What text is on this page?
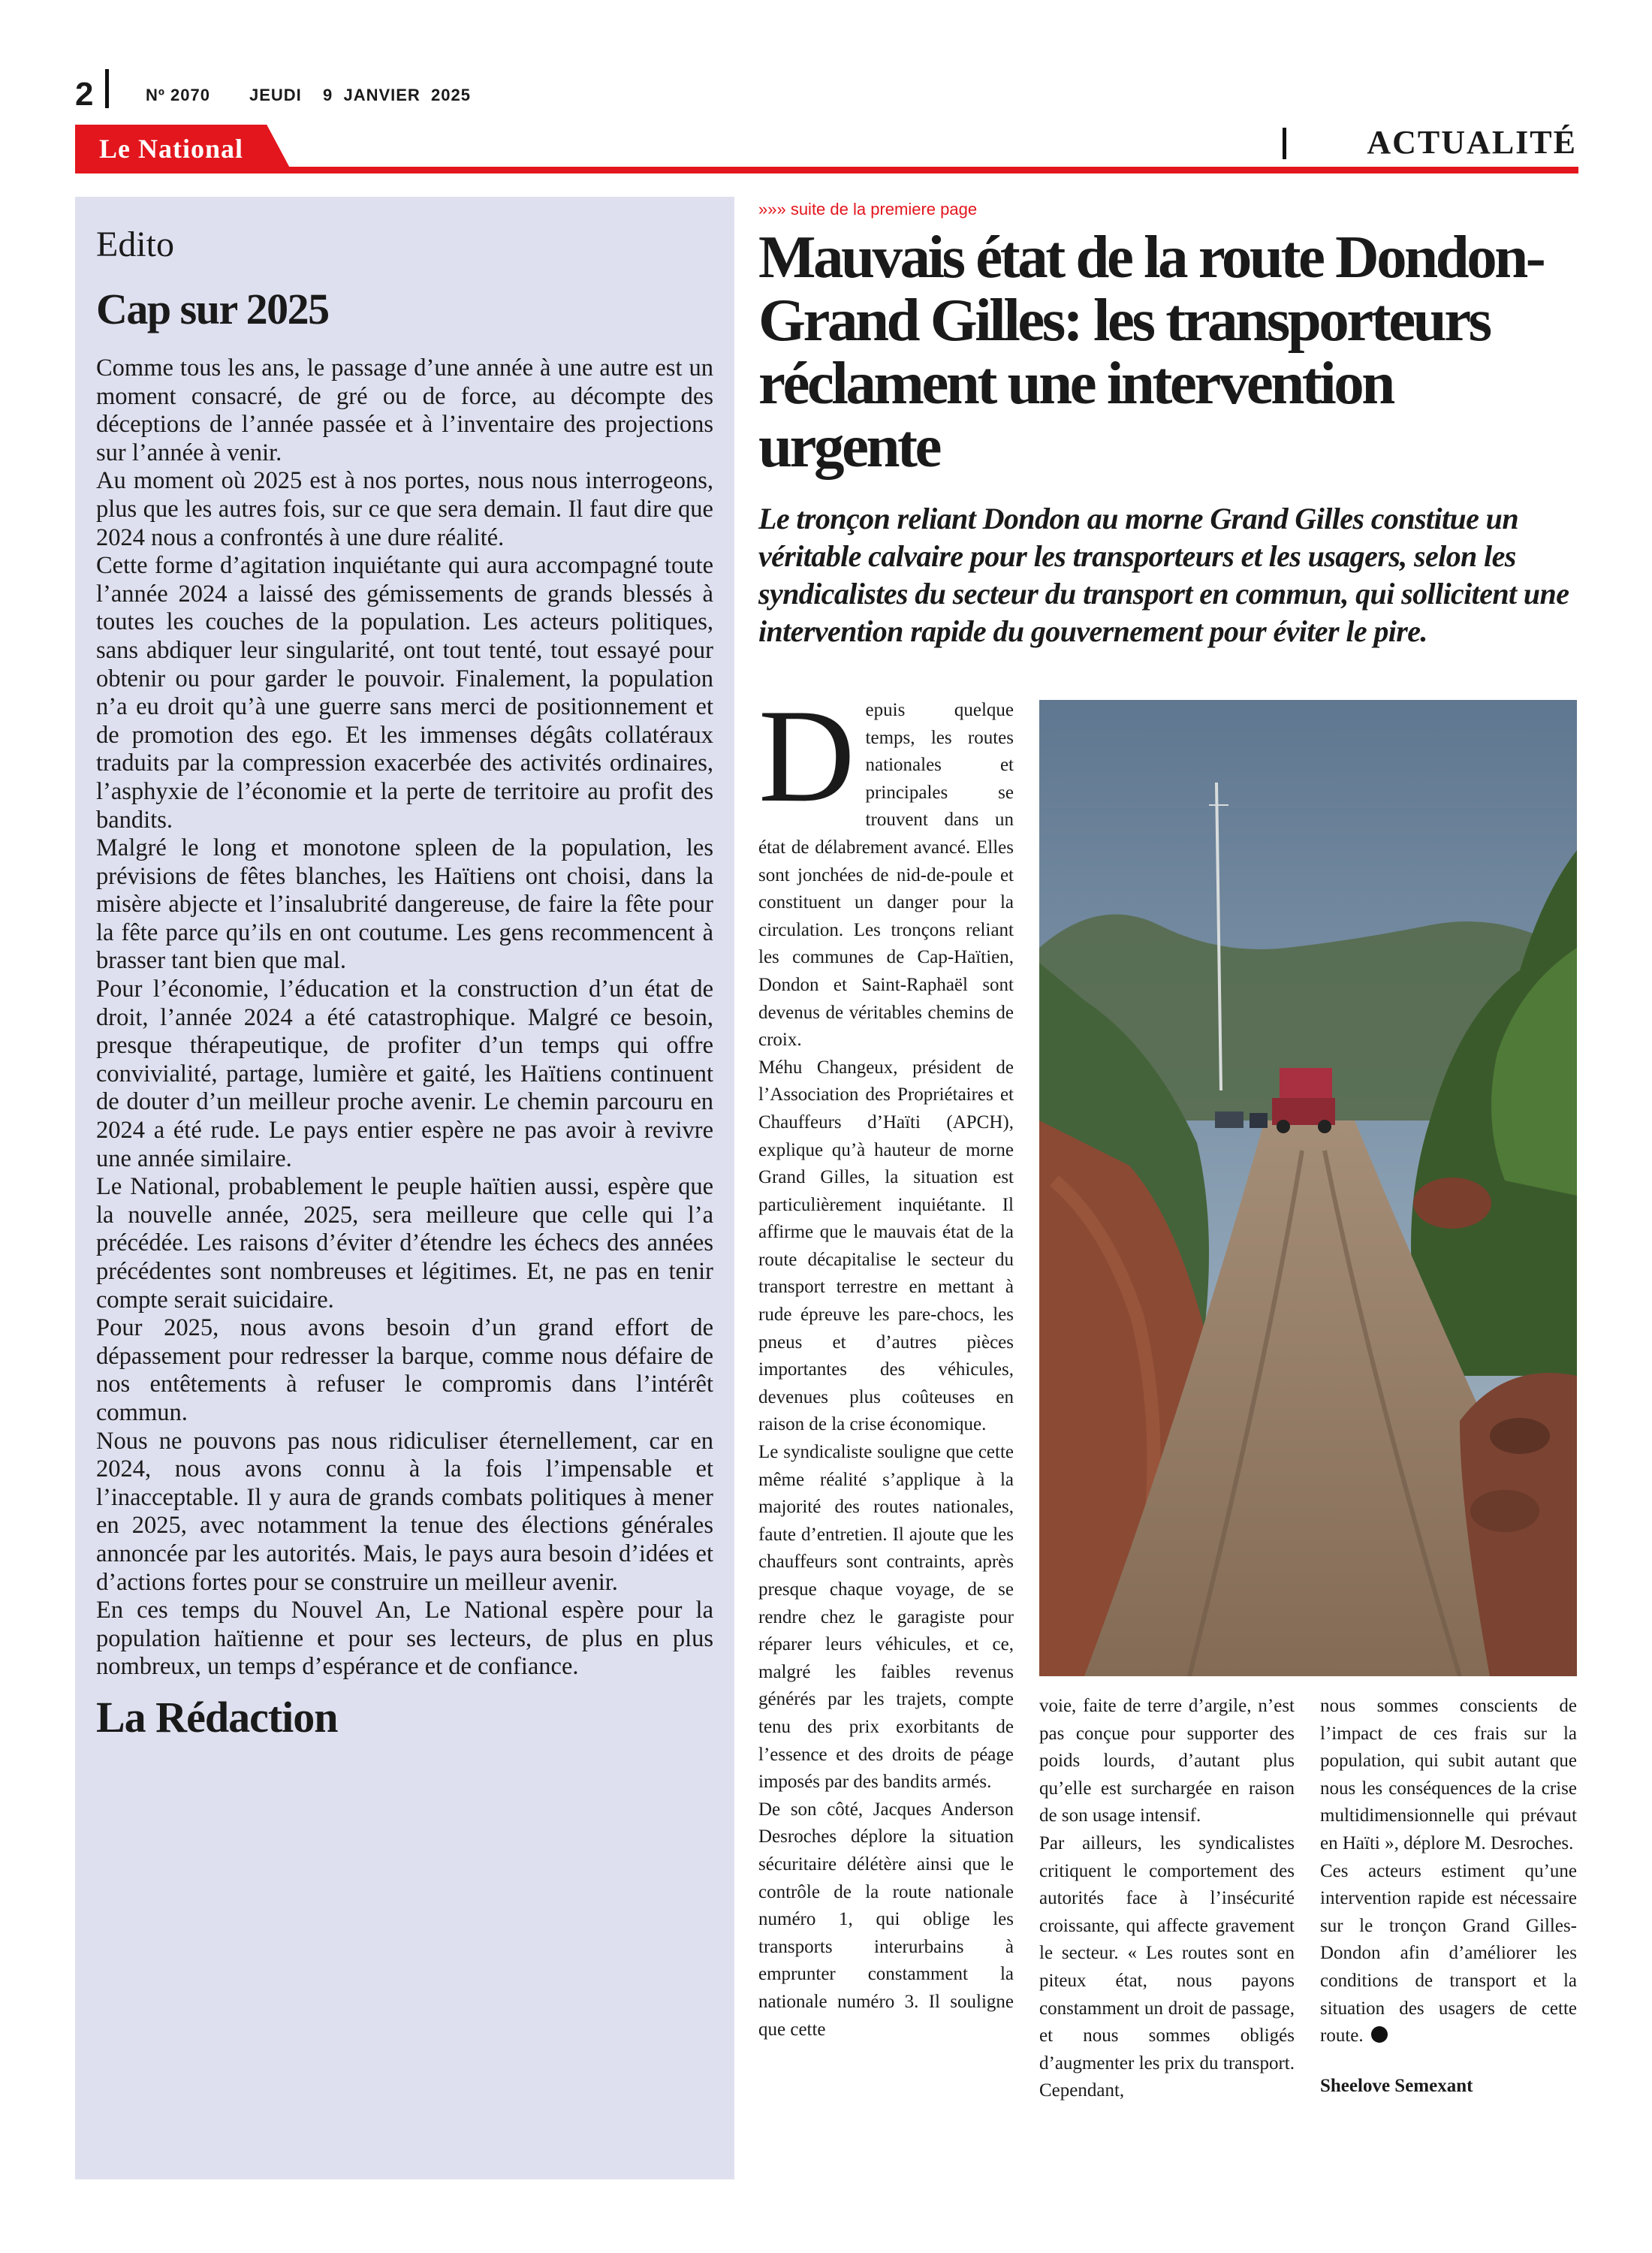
2	Nº 2070 JEUDI 9  JANVIER  2025
Le National	ACTUALITÉ
Edito
Cap sur 2025

Comme tous les ans, le passage d’une année à une autre est un moment consacré, de gré ou de force, au décompte des déceptions de l’année passée et à l’inventaire des projections sur l’année à venir.

Au moment où 2025 est à nos portes, nous nous interrogeons, plus que les autres fois, sur ce que sera demain. Il faut dire que 2024 nous a confrontés à une dure réalité.

Cette forme d’agitation inquiétante qui aura accompagné toute l’année 2024 a laissé des gémissements de grands blessés à toutes les couches de la population. Les acteurs politiques, sans abdiquer leur singularité, ont tout tenté, tout essayé pour obtenir ou pour garder le pouvoir. Finalement, la population n’a eu droit qu’à une guerre sans merci de positionnement et de promotion des ego. Et les immenses dégâts collatéraux traduits par la compression exacerbée des activités ordinaires, l’asphyxie de l’économie et la perte de territoire au profit des bandits.

Malgré le long et monotone spleen de la population, les prévisions de fêtes blanches, les Haïtiens ont choisi, dans la misère abjecte et l’insalubrité dangereuse, de faire la fête pour la fête parce qu’ils en ont coutume. Les gens recommencent à brasser tant bien que mal.

Pour l’économie, l’éducation et la construction d’un état de droit, l’année 2024 a été catastrophique. Malgré ce besoin, presque thérapeutique, de profiter d’un temps qui offre convivialité, partage, lumière et gaité, les Haïtiens continuent de douter d’un meilleur proche avenir. Le chemin parcouru en 2024 a été rude. Le pays entier espère ne pas avoir à revivre une année similaire.

Le National, probablement le peuple haïtien aussi, espère que la nouvelle année, 2025, sera meilleure que celle qui l’a précédée. Les raisons d’éviter d’étendre les échecs des années précédentes sont nombreuses et légitimes. Et, ne pas en tenir compte serait suicidaire.

Pour 2025, nous avons besoin d’un grand effort de dépassement pour redresser la barque, comme nous défaire de nos entêtements à refuser le compromis dans l’intérêt commun.

Nous ne pouvons pas nous ridiculiser éternellement, car en 2024, nous avons connu à la fois l’impensable et l’inacceptable. Il y aura de grands combats politiques à mener en 2025, avec notamment la tenue des élections générales annoncée par les autorités. Mais, le pays aura besoin d’idées et d’actions fortes pour se construire un meilleur avenir.

En ces temps du Nouvel An, Le National espère pour la population haïtienne et pour ses lecteurs, de plus en plus nombreux, un temps d’espérance et de confiance.

La Rédaction
»»» suite de la premiere page
Mauvais état de la route Dondon-Grand Gilles: les transporteurs réclament une intervention urgente

Le tronçon reliant Dondon au morne Grand Gilles constitue un véritable calvaire pour les transporteurs et les usagers, selon les syndicalistes du secteur du transport en commun, qui sollicitent une intervention rapide du gouvernement pour éviter le pire.

Depuis quelque temps, les routes nationales et principales se trouvent dans un état de délabrement avancé. Elles sont jonchées de nid-de-poule et constituent un danger pour la circulation. Les tronçons reliant les communes de Cap-Haïtien, Dondon et Saint-Raphaël sont devenus de véritables chemins de croix.

Méhu Changeux, président de l’Association des Propriétaires et Chauffeurs d’Haïti (APCH), explique qu’à hauteur de morne Grand Gilles, la situation est particulièrement inquiétante. Il affirme que le mauvais état de la route décapitalise le secteur du transport terrestre en mettant à rude épreuve les pare-chocs, les pneus et d’autres pièces importantes des véhicules, devenues plus coûteuses en raison de la crise économique.

Le syndicaliste souligne que cette même réalité s’applique à la majorité des routes nationales, faute d’entretien. Il ajoute que les chauffeurs sont contraints, après presque chaque voyage, de se rendre chez le garagiste pour réparer leurs véhicules, et ce, malgré les faibles revenus générés par les trajets, compte tenu des prix exorbitants de l’essence et des droits de péage imposés par des bandits armés.

De son côté, Jacques Anderson Desroches déplore la situation sécuritaire délétère ainsi que le contrôle de la route nationale numéro 1, qui oblige les transports interurbains à emprunter constamment la nationale numéro 3. Il souligne que cette

voie, faite de terre d’argile, n’est pas conçue pour supporter des poids lourds, d’autant plus qu’elle est surchargée en raison de son usage intensif.

Par ailleurs, les syndicalistes critiquent le comportement des autorités face à l’insécurité croissante, qui affecte gravement le secteur. « Les routes sont en piteux état, nous payons constamment un droit de passage, et nous sommes obligés d’augmenter les prix du transport. Cependant,

nous sommes conscients de l’impact de ces frais sur la population, qui subit autant que nous les conséquences de la crise multidimensionnelle qui prévaut en Haïti », déplore M. Desroches.

Ces acteurs estiment qu’une intervention rapide est nécessaire sur le tronçon Grand Gilles-Dondon afin d’améliorer les conditions de transport et la situation des usagers de cette route.

Sheelove Semexant
